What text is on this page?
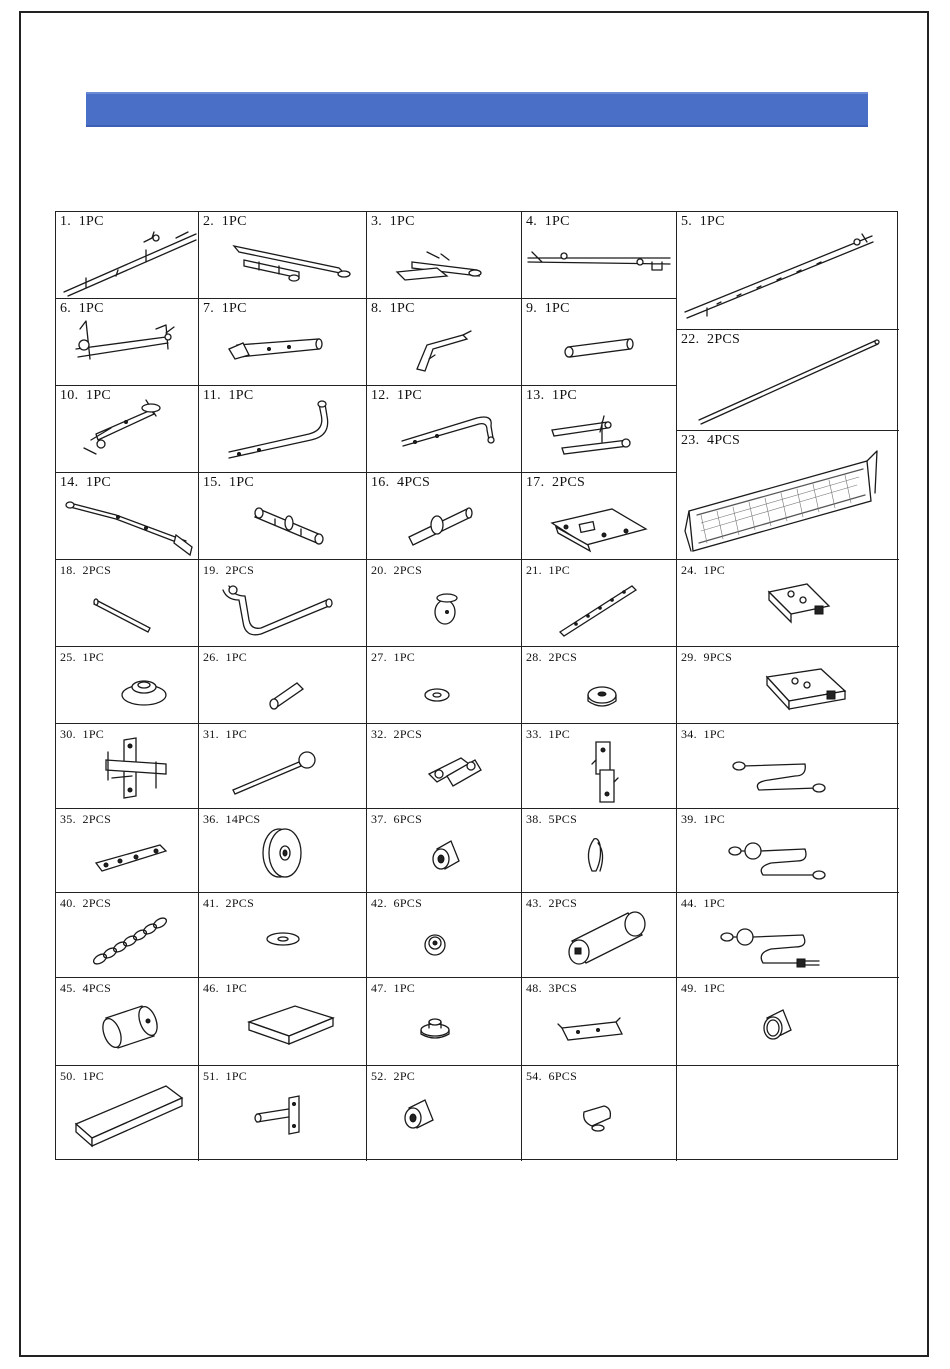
1. 1PC	2. 1PC	3. 1PC	4. 1PC	5. 1PC
6. 1PC	7. 1PC	8. 1PC	9. 1PC
22. 2PCS
10. 1PC	11. 1PC	12. 1PC	13. 1PC
23. 4PCS
14. 1PC	15. 1PC	16. 4PCS	17. 2PCS
18. 2PCS	19. 2PCS	20. 2PCS	21. 1PC	24. 1PC
25. 1PC	26. 1PC	27. 1PC	28. 2PCS	29. 9PCS
30. 1PC	31. 1PC	32. 2PCS	33. 1PC	34. 1PC
35. 2PCS	36. 14PCS	37. 6PCS	38. 5PCS	39. 1PC
40. 2PCS	41. 2PCS	42. 6PCS	43. 2PCS	44. 1PC
45. 4PCS	46. 1PC	47. 1PC	48. 3PCS	49. 1PC
50. 1PC	51. 1PC	52. 2PC	54. 6PCS
